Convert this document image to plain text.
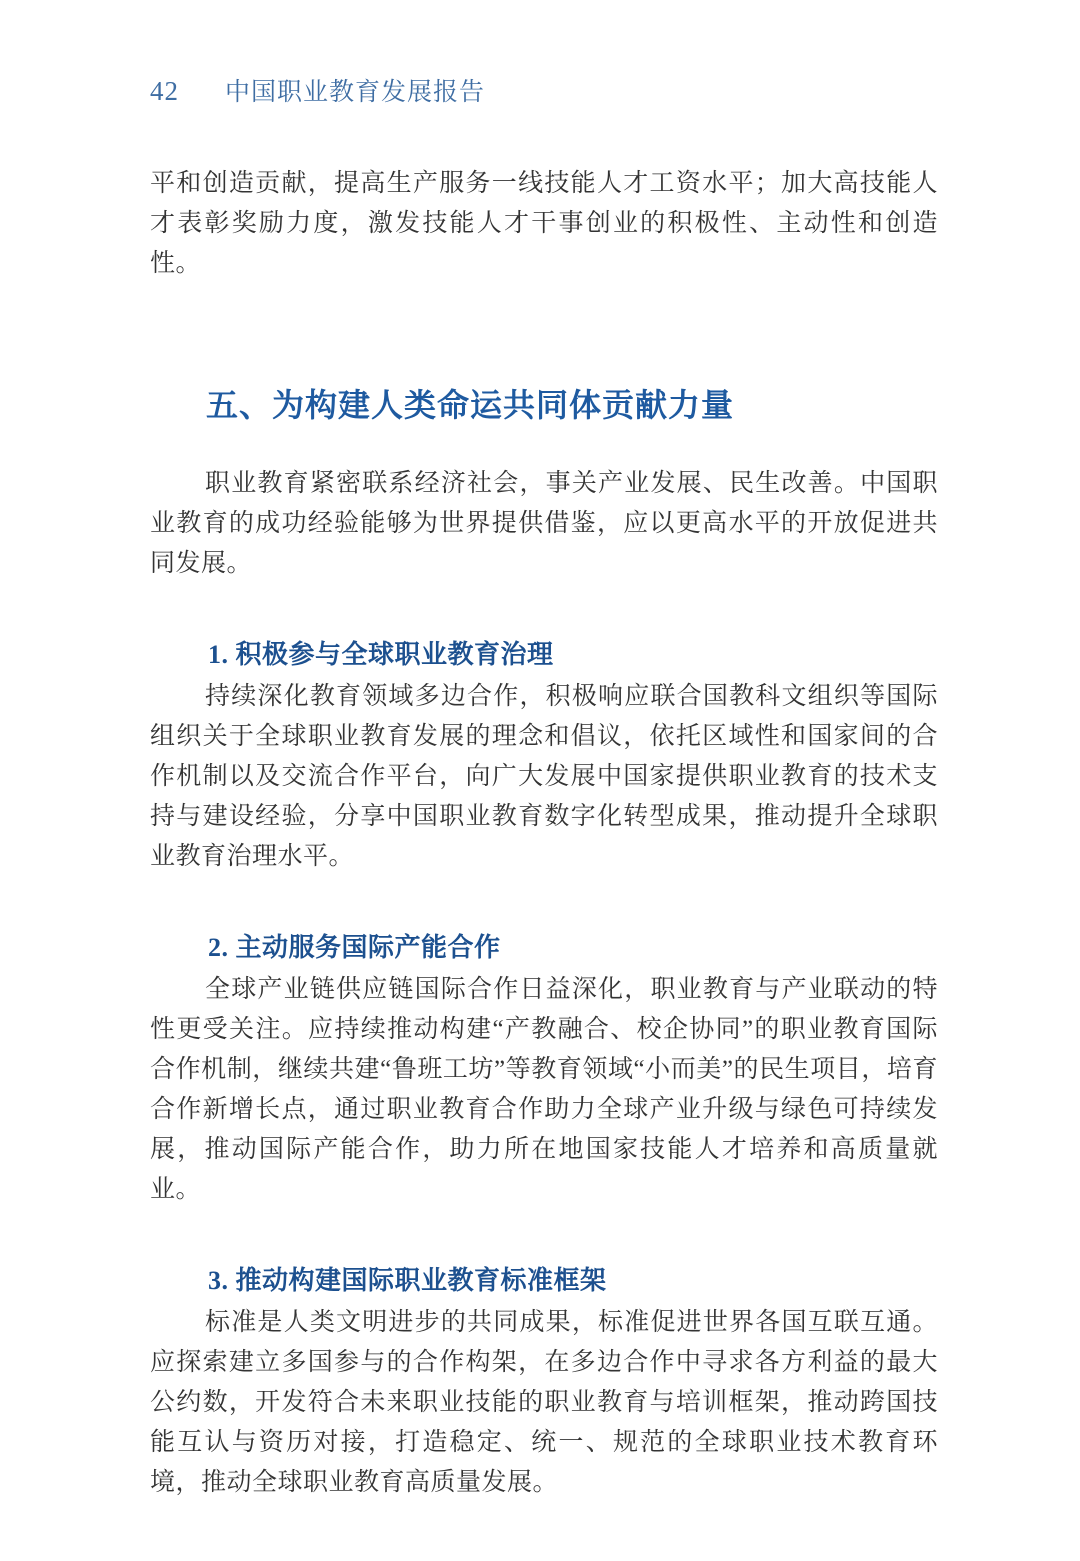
42 中国职业教育发展报告

平和创造贡献，提高生产服务一线技能人才工资水平；加大高技能人才表彰奖励力度，激发技能人才干事创业的积极性、主动性和创造性。

五、为构建人类命运共同体贡献力量

职业教育紧密联系经济社会，事关产业发展、民生改善。中国职业教育的成功经验能够为世界提供借鉴，应以更高水平的开放促进共同发展。

1. 积极参与全球职业教育治理

持续深化教育领域多边合作，积极响应联合国教科文组织等国际组织关于全球职业教育发展的理念和倡议，依托区域性和国家间的合作机制以及交流合作平台，向广大发展中国家提供职业教育的技术支持与建设经验，分享中国职业教育数字化转型成果，推动提升全球职业教育治理水平。

2. 主动服务国际产能合作

全球产业链供应链国际合作日益深化，职业教育与产业联动的特性更受关注。应持续推动构建“产教融合、校企协同”的职业教育国际合作机制，继续共建“鲁班工坊”等教育领域“小而美”的民生项目，培育合作新增长点，通过职业教育合作助力全球产业升级与绿色可持续发展，推动国际产能合作，助力所在地国家技能人才培养和高质量就业。

3. 推动构建国际职业教育标准框架

标准是人类文明进步的共同成果，标准促进世界各国互联互通。应探索建立多国参与的合作构架，在多边合作中寻求各方利益的最大公约数，开发符合未来职业技能的职业教育与培训框架，推动跨国技能互认与资历对接，打造稳定、统一、规范的全球职业技术教育环境，推动全球职业教育高质量发展。
